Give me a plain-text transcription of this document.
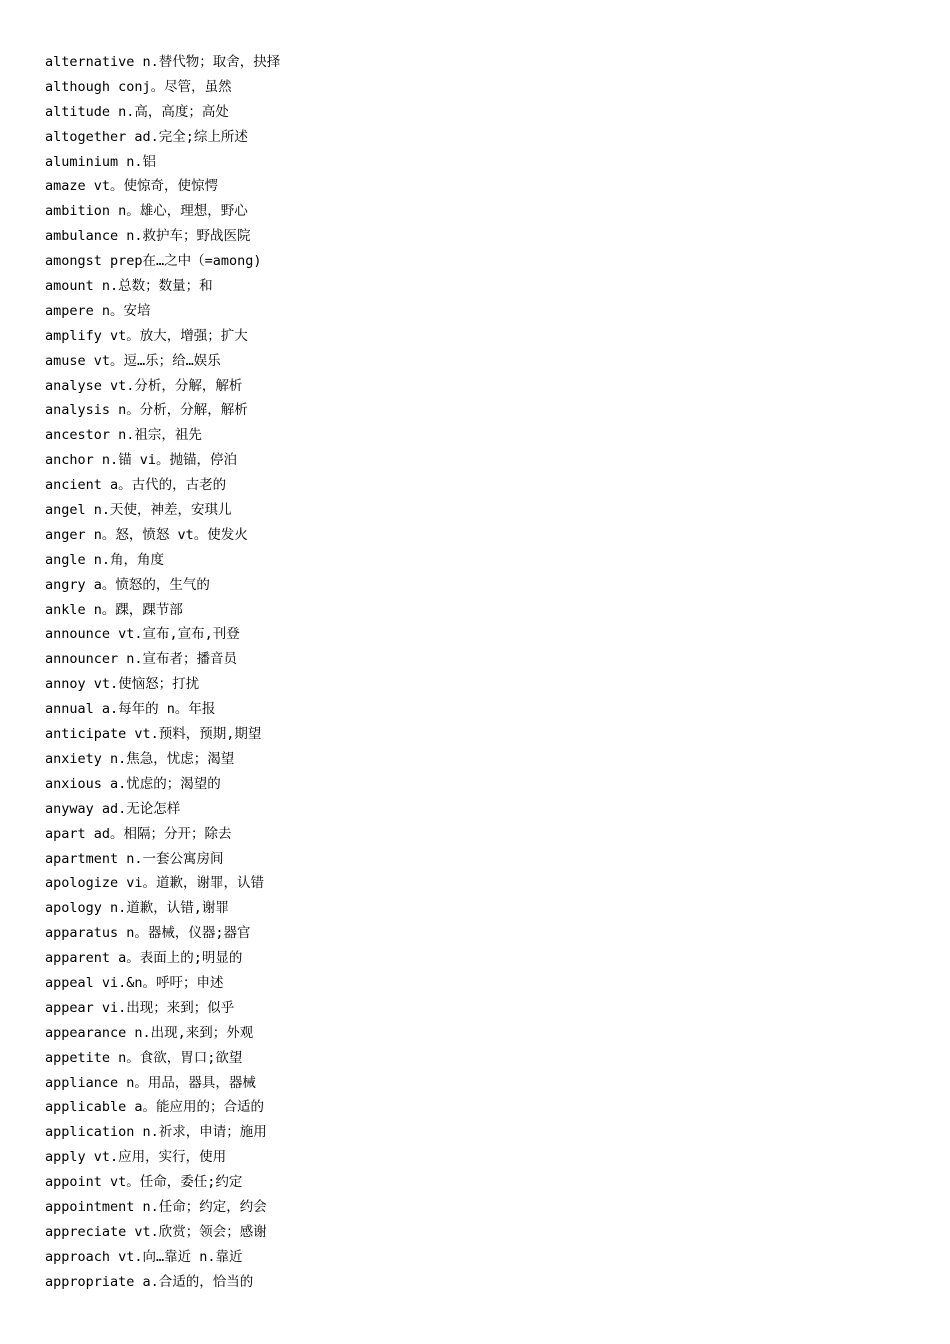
alternative n.替代物；取舍，抉择
although conj。尽管，虽然
altitude n.高，高度；高处
altogether ad.完全;综上所述
aluminium n.铝
amaze vt。使惊奇，使惊愕
ambition n。雄心，理想，野心
ambulance n.救护车；野战医院
amongst prep在…之中（=among)
amount n.总数；数量；和
ampere n。安培
amplify vt。放大，增强；扩大
amuse vt。逗…乐；给…娱乐
analyse vt.分析，分解，解析
analysis n。分析，分解，解析
ancestor n.祖宗，祖先
anchor n.锚 vi。抛锚，停泊
ancient a。古代的，古老的
angel n.天使，神差，安琪儿
anger n。怒，愤怒 vt。使发火
angle n.角，角度
angry a。愤怒的，生气的
ankle n。踝，踝节部
announce vt.宣布,宣布,刊登
announcer n.宣布者；播音员
annoy vt.使恼怒；打扰
annual a.每年的 n。年报
anticipate vt.预料，预期,期望
anxiety n.焦急，忧虑；渴望
anxious a.忧虑的；渴望的
anyway ad.无论怎样
apart ad。相隔；分开；除去
apartment n.一套公寓房间
apologize vi。道歉，谢罪，认错
apology n.道歉，认错,谢罪
apparatus n。器械，仪器;器官
apparent a。表面上的;明显的
appeal vi.&n。呼吁；申述
appear vi.出现；来到；似乎
appearance n.出现,来到；外观
appetite n。食欲，胃口;欲望
appliance n。用品，器具，器械
applicable a。能应用的；合适的
application n.祈求，申请；施用
apply vt.应用，实行，使用
appoint vt。任命，委任;约定
appointment n.任命；约定，约会
appreciate vt.欣赏；领会；感谢
approach vt.向…靠近 n.靠近
appropriate a.合适的，恰当的
